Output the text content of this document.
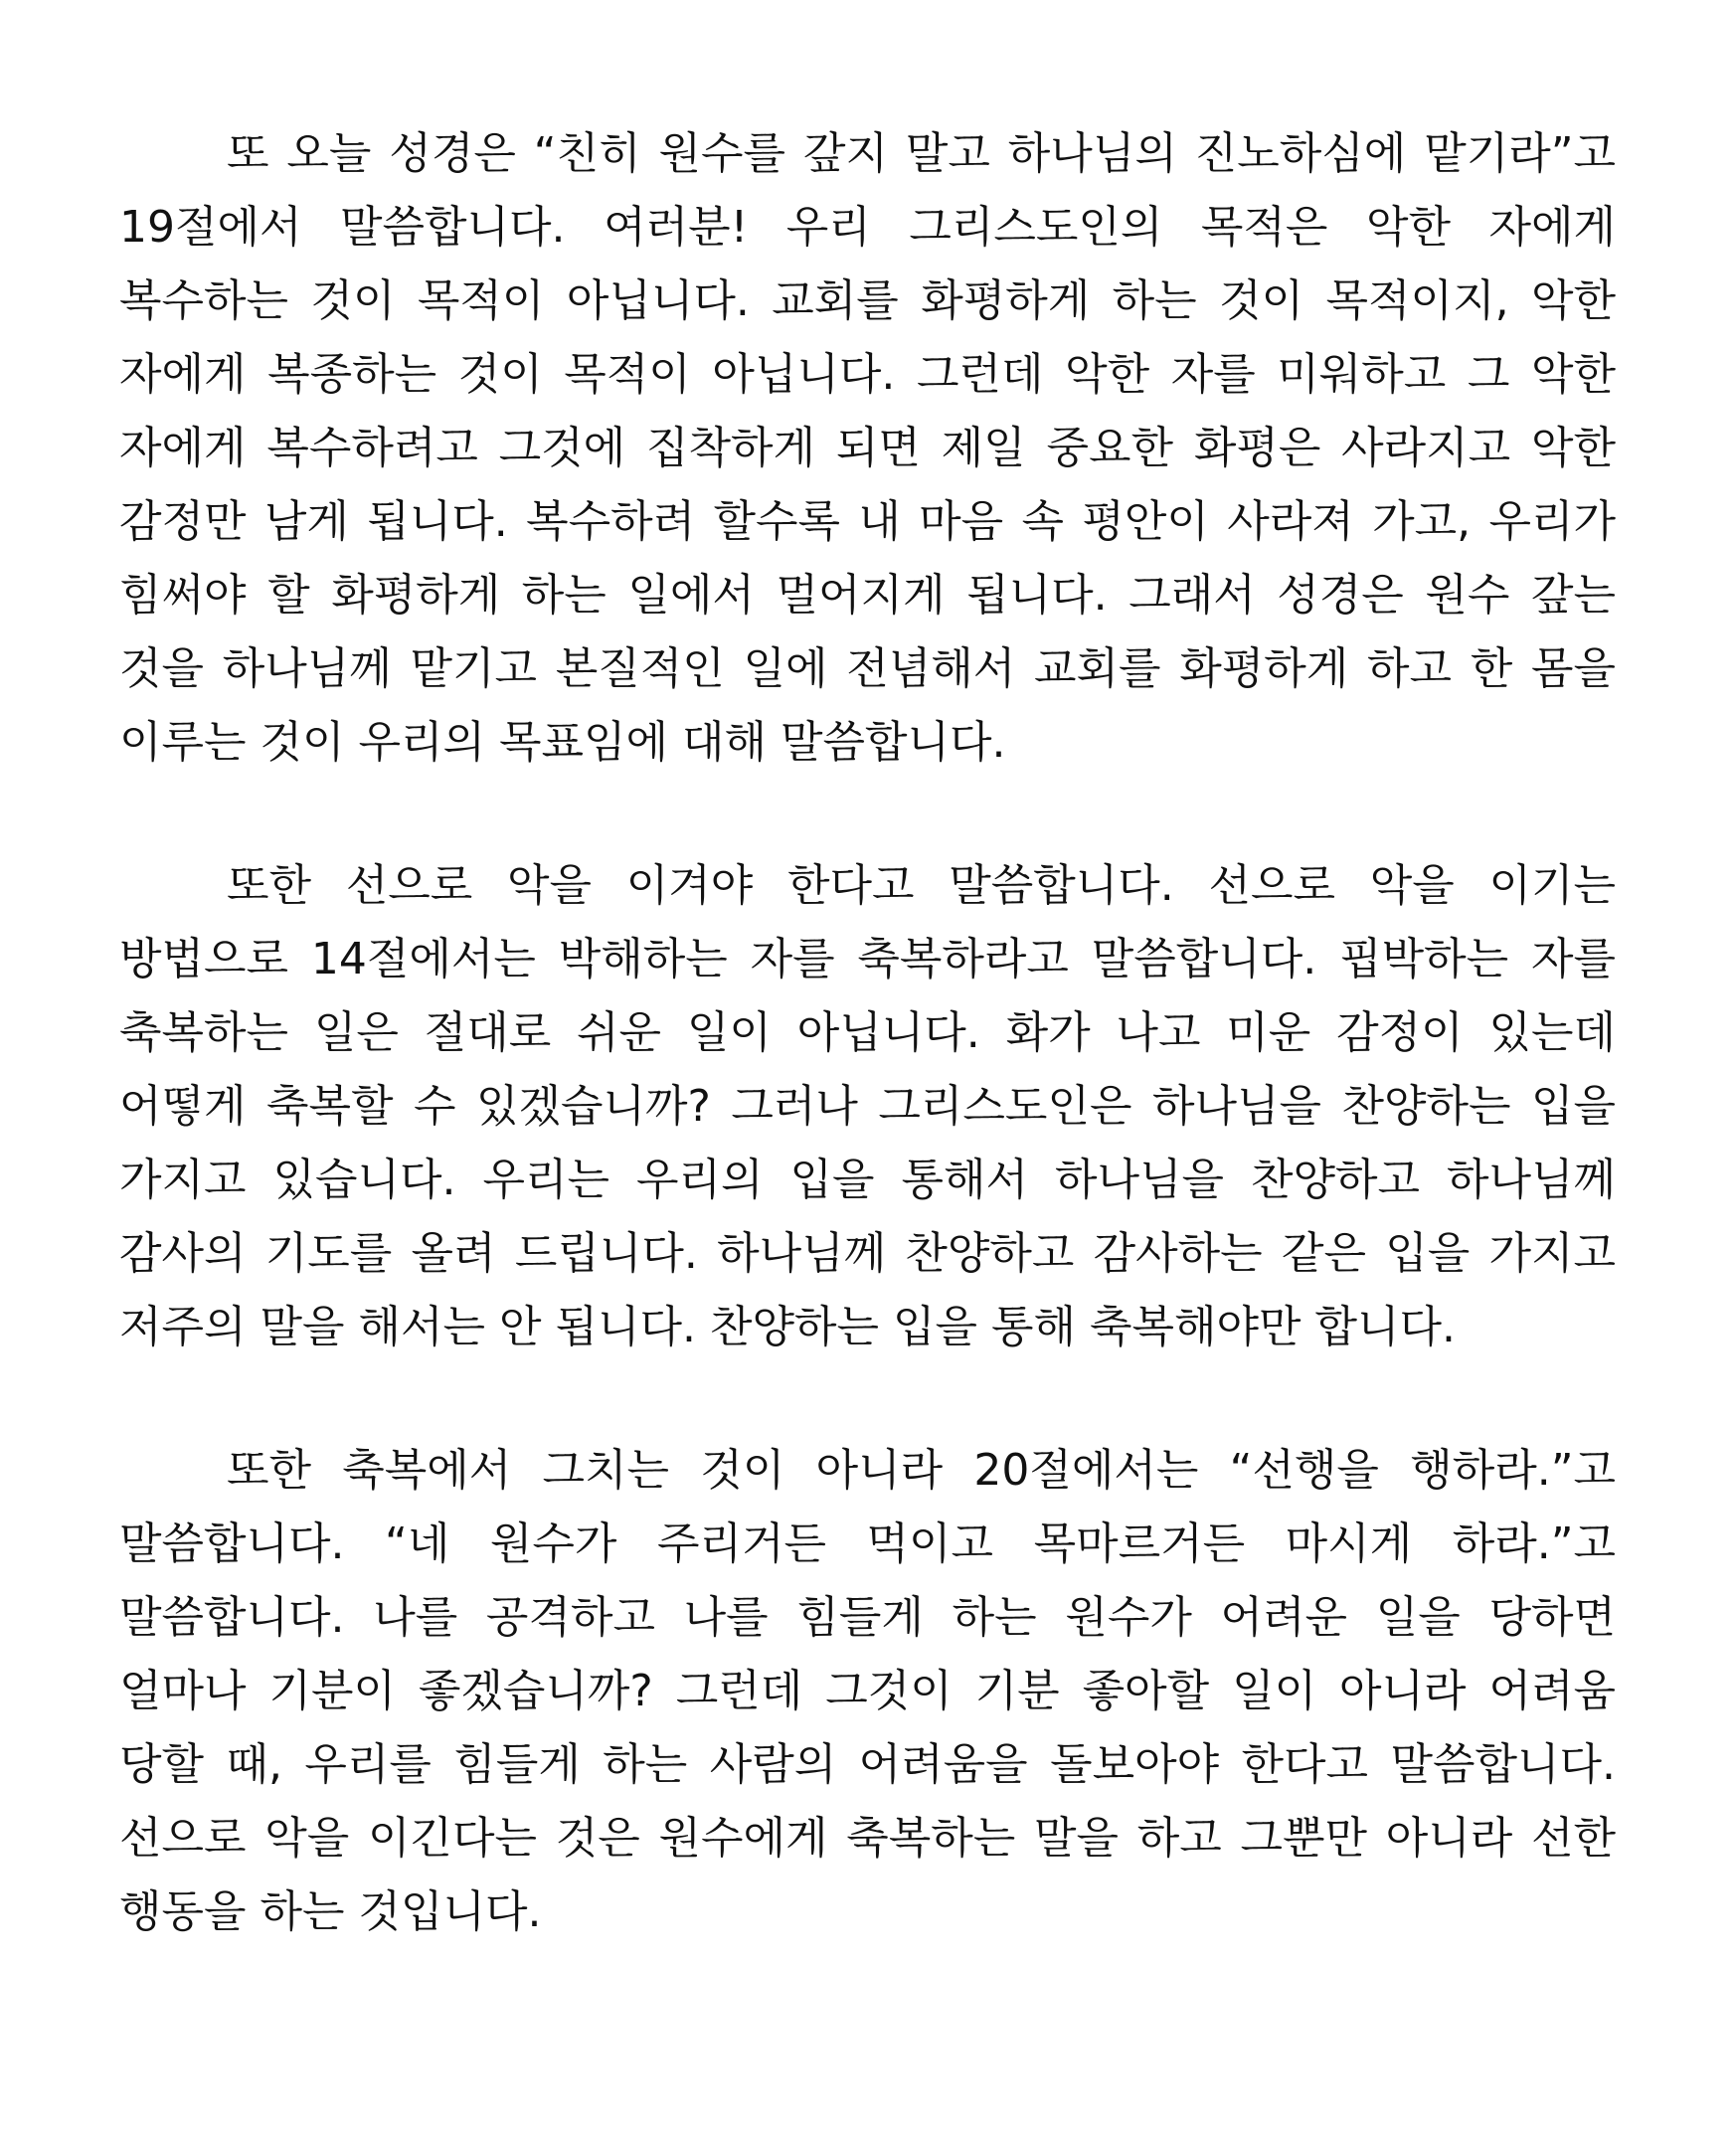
또 오늘 성경은 “친히 원수를 갚지 말고 하나님의 진노하심에 맡기라”고 19절에서 말씀합니다. 여러분! 우리 그리스도인의 목적은 악한 자에게 복수하는 것이 목적이 아닙니다. 교회를 화평하게 하는 것이 목적이지, 악한 자에게 복종하는 것이 목적이 아닙니다. 그런데 악한 자를 미워하고 그 악한 자에게 복수하려고 그것에 집착하게 되면 제일 중요한 화평은 사라지고 악한 감정만 남게 됩니다. 복수하려 할수록 내 마음 속 평안이 사라져 가고, 우리가 힘써야 할 화평하게 하는 일에서 멀어지게 됩니다. 그래서 성경은 원수 갚는 것을 하나님께 맡기고 본질적인 일에 전념해서 교회를 화평하게 하고 한 몸을 이루는 것이 우리의 목표임에 대해 말씀합니다.

또한 선으로 악을 이겨야 한다고 말씀합니다. 선으로 악을 이기는 방법으로 14절에서는 박해하는 자를 축복하라고 말씀합니다. 핍박하는 자를 축복하는 일은 절대로 쉬운 일이 아닙니다. 화가 나고 미운 감정이 있는데 어떻게 축복할 수 있겠습니까? 그러나 그리스도인은 하나님을 찬양하는 입을 가지고 있습니다. 우리는 우리의 입을 통해서 하나님을 찬양하고 하나님께 감사의 기도를 올려 드립니다. 하나님께 찬양하고 감사하는 같은 입을 가지고 저주의 말을 해서는 안 됩니다. 찬양하는 입을 통해 축복해야만 합니다.

또한 축복에서 그치는 것이 아니라 20절에서는 “선행을 행하라.”고 말씀합니다. “네 원수가 주리거든 먹이고 목마르거든 마시게 하라.”고 말씀합니다. 나를 공격하고 나를 힘들게 하는 원수가 어려운 일을 당하면 얼마나 기분이 좋겠습니까? 그런데 그것이 기분 좋아할 일이 아니라 어려움 당할 때, 우리를 힘들게 하는 사람의 어려움을 돌보아야 한다고 말씀합니다. 선으로 악을 이긴다는 것은 원수에게 축복하는 말을 하고 그뿐만 아니라 선한 행동을 하는 것입니다.
